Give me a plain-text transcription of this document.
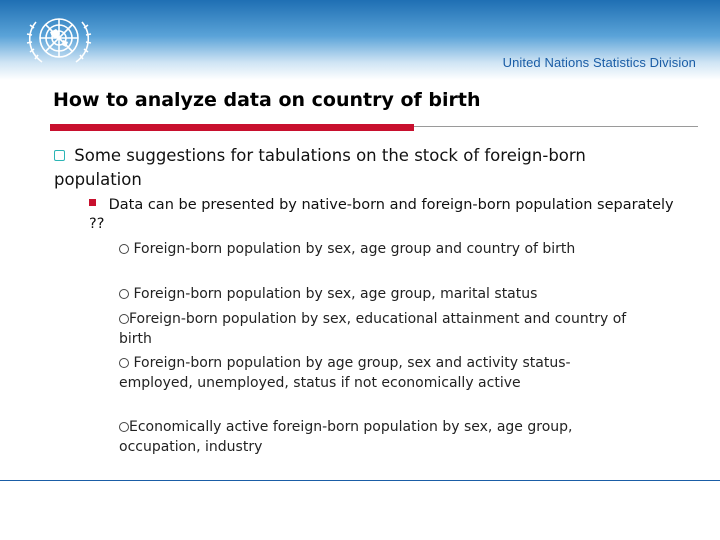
United Nations Statistics Division
How to analyze data on country of birth
Some suggestions for tabulations on the stock of foreign-born population
Data can be presented by native-born and foreign-born population separately ??
Foreign-born population by sex, age group and country of birth
Foreign-born population by sex, age group, marital status
Foreign-born population by sex, educational attainment and country of birth
Foreign-born population by age group, sex and activity status-employed, unemployed, status if not economically active
Economically active foreign-born population by sex, age group, occupation, industry
